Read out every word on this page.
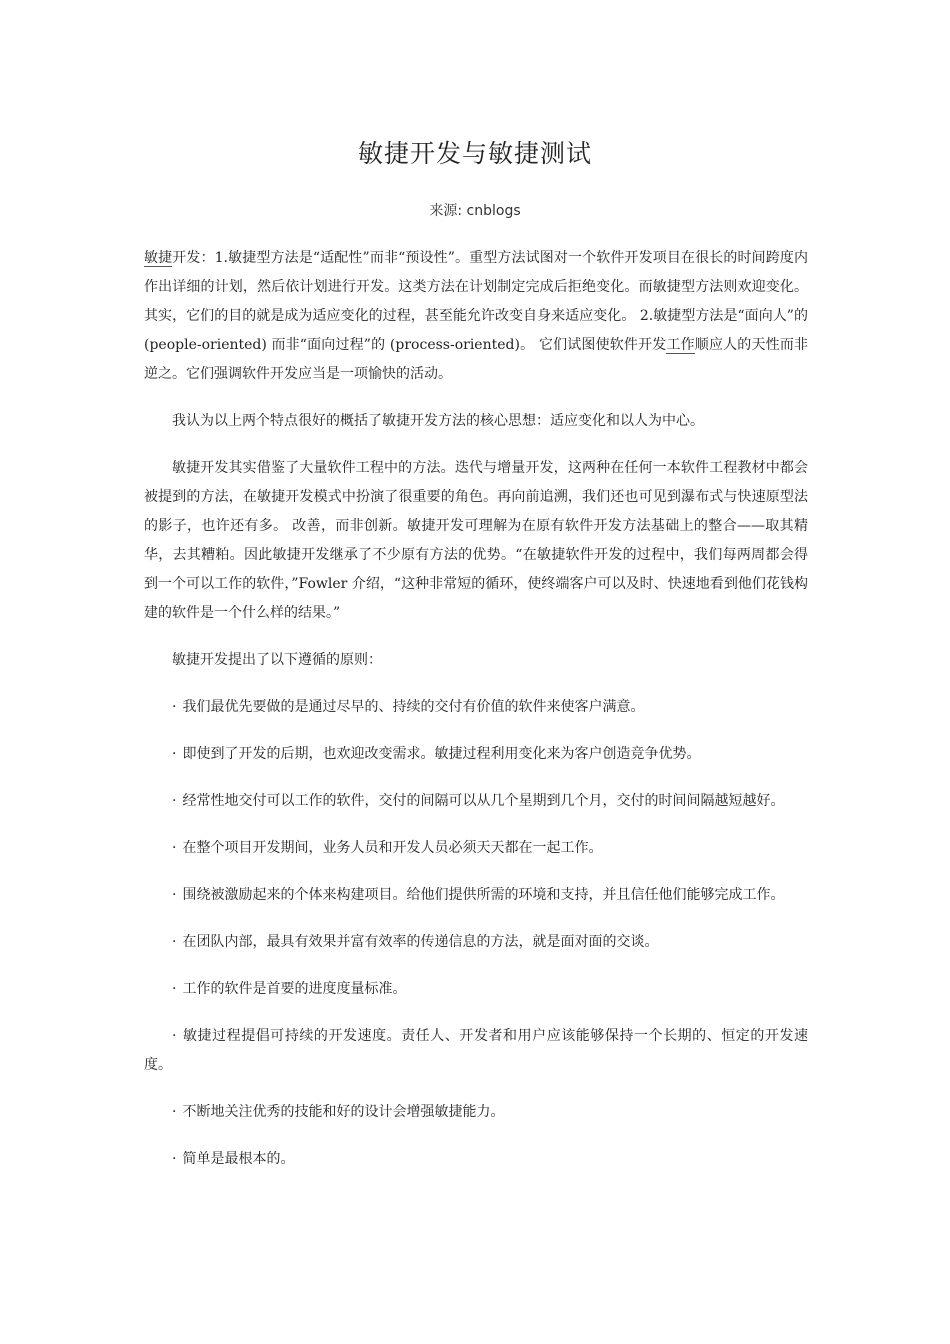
敏捷开发与敏捷测试
来源: cnblogs

敏捷开发：1.敏捷型方法是“适配性”而非“预设性”。重型方法试图对一个软件开发项目在很长的时间跨度内作出详细的计划，然后依计划进行开发。这类方法在计划制定完成后拒绝变化。而敏捷型方法则欢迎变化。其实，它们的目的就是成为适应变化的过程，甚至能允许改变自身来适应变化。 2.敏捷型方法是“面向人”的(people-oriented) 而非“面向过程”的 (process-oriented)。 它们试图使软件开发工作顺应人的天性而非逆之。它们强调软件开发应当是一项愉快的活动。

我认为以上两个特点很好的概括了敏捷开发方法的核心思想：适应变化和以人为中心。

敏捷开发其实借鉴了大量软件工程中的方法。迭代与增量开发，这两种在任何一本软件工程教材中都会被提到的方法，在敏捷开发模式中扮演了很重要的角色。再向前追溯，我们还也可见到瀑布式与快速原型法的影子，也许还有多。 改善，而非创新。敏捷开发可理解为在原有软件开发方法基础上的整合——取其精华，去其糟粕。因此敏捷开发继承了不少原有方法的优势。“在敏捷软件开发的过程中，我们每两周都会得到一个可以工作的软件，”Fowler 介绍，“这种非常短的循环，使终端客户可以及时、快速地看到他们花钱构建的软件是一个什么样的结果。”

敏捷开发提出了以下遵循的原则：

· 我们最优先要做的是通过尽早的、持续的交付有价值的软件来使客户满意。

· 即使到了开发的后期，也欢迎改变需求。敏捷过程利用变化来为客户创造竞争优势。

· 经常性地交付可以工作的软件，交付的间隔可以从几个星期到几个月，交付的时间间隔越短越好。

· 在整个项目开发期间，业务人员和开发人员必须天天都在一起工作。

· 围绕被激励起来的个体来构建项目。给他们提供所需的环境和支持，并且信任他们能够完成工作。

· 在团队内部，最具有效果并富有效率的传递信息的方法，就是面对面的交谈。

· 工作的软件是首要的进度度量标准。

· 敏捷过程提倡可持续的开发速度。责任人、开发者和用户应该能够保持一个长期的、恒定的开发速度。

· 不断地关注优秀的技能和好的设计会增强敏捷能力。

· 简单是最根本的。
